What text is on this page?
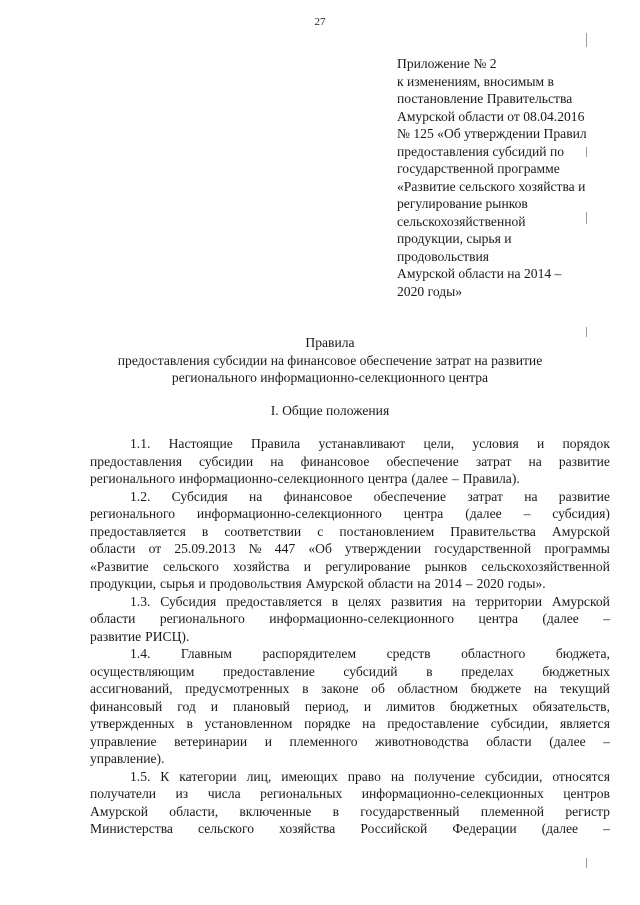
27
Приложение № 2
к изменениям, вносимым в
постановление Правительства
Амурской области от 08.04.2016
№ 125 «Об утверждении Правил
предоставления субсидий по
государственной программе
«Развитие сельского хозяйства и
регулирование рынков
сельскохозяйственной
продукции, сырья и
продовольствия
Амурской области на 2014 –
2020 годы»
Правила
предоставления субсидии на финансовое обеспечение затрат на развитие
регионального информационно-селекционного центра
I. Общие положения
1.1. Настоящие Правила устанавливают цели, условия и порядок
предоставления субсидии на финансовое обеспечение затрат на развитие
регионального информационно-селекционного центра (далее – Правила).
1.2. Субсидия на финансовое обеспечение затрат на развитие
регионального информационно-селекционного центра (далее – субсидия)
предоставляется в соответствии с постановлением Правительства Амурской
области от 25.09.2013 № 447 «Об утверждении государственной программы
«Развитие сельского хозяйства и регулирование рынков сельскохозяйственной
продукции, сырья и продовольствия Амурской области на 2014 – 2020 годы».
1.3. Субсидия предоставляется в целях развития на территории Амурской
области регионального информационно-селекционного центра (далее –
развитие РИСЦ).
1.4. Главным распорядителем средств областного бюджета,
осуществляющим предоставление субсидий в пределах бюджетных
ассигнований, предусмотренных в законе об областном бюджете на текущий
финансовый год и плановый период, и лимитов бюджетных обязательств,
утвержденных в установленном порядке на предоставление субсидии, является
управление ветеринарии и племенного животноводства области (далее –
управление).
1.5. К категории лиц, имеющих право на получение субсидии, относятся
получатели из числа региональных информационно-селекционных центров
Амурской области, включенные в государственный племенной регистр
Министерства сельского хозяйства Российской Федерации (далее –
